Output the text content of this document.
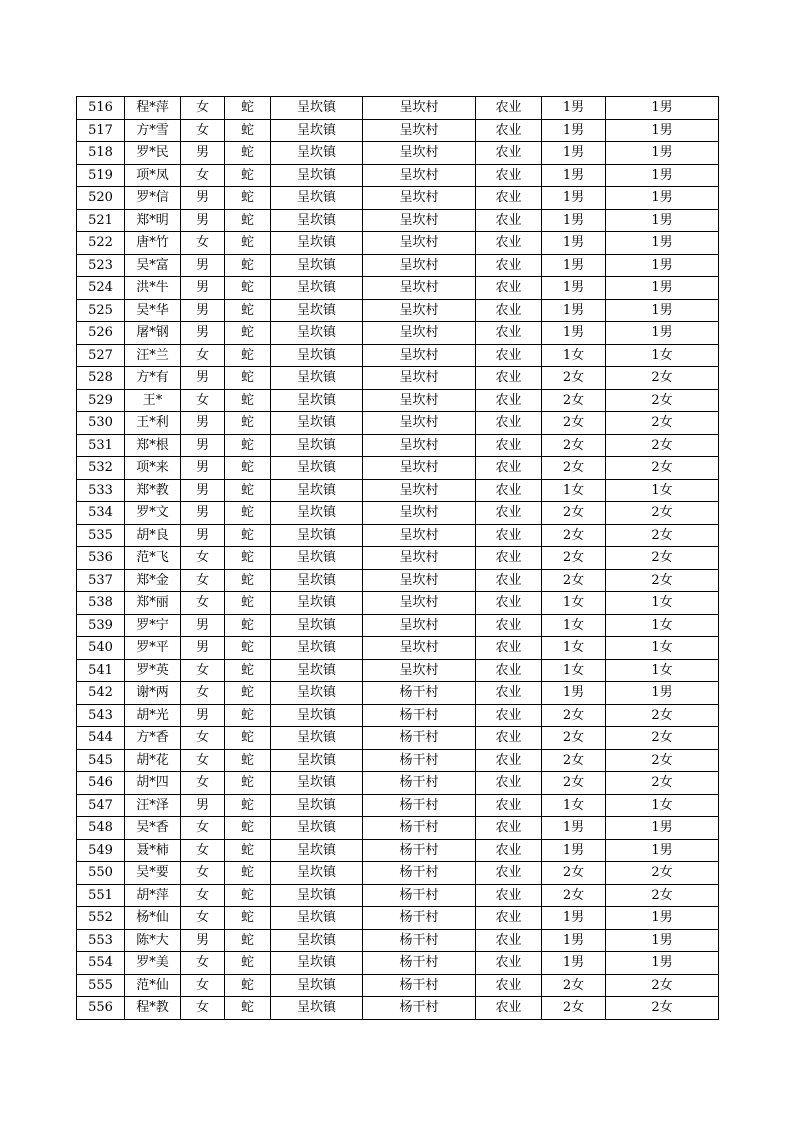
516	程*萍	女	蛇	呈坎镇	呈坎村	农业	1男	1男
517	方*雪	女	蛇	呈坎镇	呈坎村	农业	1男	1男
518	罗*民	男	蛇	呈坎镇	呈坎村	农业	1男	1男
519	项*凤	女	蛇	呈坎镇	呈坎村	农业	1男	1男
520	罗*信	男	蛇	呈坎镇	呈坎村	农业	1男	1男
521	郑*明	男	蛇	呈坎镇	呈坎村	农业	1男	1男
522	唐*竹	女	蛇	呈坎镇	呈坎村	农业	1男	1男
523	吴*富	男	蛇	呈坎镇	呈坎村	农业	1男	1男
524	洪*牛	男	蛇	呈坎镇	呈坎村	农业	1男	1男
525	吴*华	男	蛇	呈坎镇	呈坎村	农业	1男	1男
526	屠*钢	男	蛇	呈坎镇	呈坎村	农业	1男	1男
527	汪*兰	女	蛇	呈坎镇	呈坎村	农业	1女	1女
528	方*有	男	蛇	呈坎镇	呈坎村	农业	2女	2女
529	王*	女	蛇	呈坎镇	呈坎村	农业	2女	2女
530	王*利	男	蛇	呈坎镇	呈坎村	农业	2女	2女
531	郑*根	男	蛇	呈坎镇	呈坎村	农业	2女	2女
532	项*来	男	蛇	呈坎镇	呈坎村	农业	2女	2女
533	郑*教	男	蛇	呈坎镇	呈坎村	农业	1女	1女
534	罗*文	男	蛇	呈坎镇	呈坎村	农业	2女	2女
535	胡*良	男	蛇	呈坎镇	呈坎村	农业	2女	2女
536	范*飞	女	蛇	呈坎镇	呈坎村	农业	2女	2女
537	郑*金	女	蛇	呈坎镇	呈坎村	农业	2女	2女
538	郑*丽	女	蛇	呈坎镇	呈坎村	农业	1女	1女
539	罗*宁	男	蛇	呈坎镇	呈坎村	农业	1女	1女
540	罗*平	男	蛇	呈坎镇	呈坎村	农业	1女	1女
541	罗*英	女	蛇	呈坎镇	呈坎村	农业	1女	1女
542	谢*两	女	蛇	呈坎镇	杨干村	农业	1男	1男
543	胡*光	男	蛇	呈坎镇	杨干村	农业	2女	2女
544	方*香	女	蛇	呈坎镇	杨干村	农业	2女	2女
545	胡*花	女	蛇	呈坎镇	杨干村	农业	2女	2女
546	胡*四	女	蛇	呈坎镇	杨干村	农业	2女	2女
547	汪*泽	男	蛇	呈坎镇	杨干村	农业	1女	1女
548	吴*香	女	蛇	呈坎镇	杨干村	农业	1男	1男
549	聂*柿	女	蛇	呈坎镇	杨干村	农业	1男	1男
550	吴*要	女	蛇	呈坎镇	杨干村	农业	2女	2女
551	胡*萍	女	蛇	呈坎镇	杨干村	农业	2女	2女
552	杨*仙	女	蛇	呈坎镇	杨干村	农业	1男	1男
553	陈*大	男	蛇	呈坎镇	杨干村	农业	1男	1男
554	罗*美	女	蛇	呈坎镇	杨干村	农业	1男	1男
555	范*仙	女	蛇	呈坎镇	杨干村	农业	2女	2女
556	程*教	女	蛇	呈坎镇	杨干村	农业	2女	2女
